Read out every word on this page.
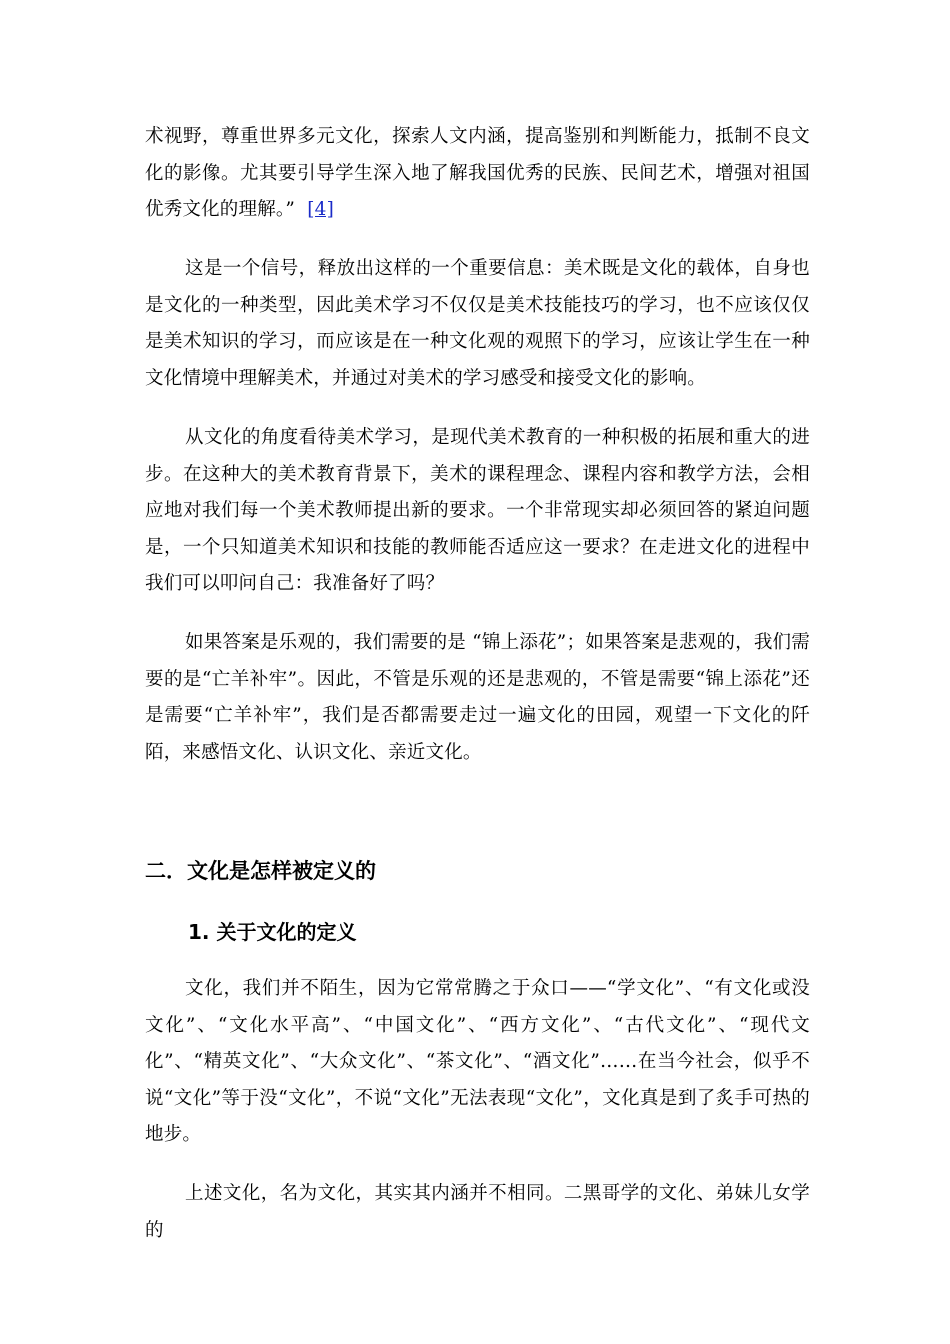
术视野，尊重世界多元文化，探索人文内涵，提高鉴别和判断能力，抵制不良文化的影像。尤其要引导学生深入地了解我国优秀的民族、民间艺术，增强对祖国优秀文化的理解。” [4]

这是一个信号，释放出这样的一个重要信息：美术既是文化的载体，自身也是文化的一种类型，因此美术学习不仅仅是美术技能技巧的学习，也不应该仅仅是美术知识的学习，而应该是在一种文化观的观照下的学习，应该让学生在一种文化情境中理解美术，并通过对美术的学习感受和接受文化的影响。

从文化的角度看待美术学习，是现代美术教育的一种积极的拓展和重大的进步。在这种大的美术教育背景下，美术的课程理念、课程内容和教学方法，会相应地对我们每一个美术教师提出新的要求。一个非常现实却必须回答的紧迫问题是，一个只知道美术知识和技能的教师能否适应这一要求？在走进文化的进程中我们可以叩问自己：我准备好了吗？

如果答案是乐观的，我们需要的是 “锦上添花”；如果答案是悲观的，我们需要的是“亡羊补牢”。因此，不管是乐观的还是悲观的，不管是需要“锦上添花”还是需要“亡羊补牢”，我们是否都需要走过一遍文化的田园，观望一下文化的阡陌，来感悟文化、认识文化、亲近文化。

二．文化是怎样被定义的
1. 关于文化的定义

文化，我们并不陌生，因为它常常腾之于众口——“学文化”、“有文化或没文化”、“文化水平高”、“中国文化”、“西方文化”、“古代文化”、“现代文化”、“精英文化”、“大众文化”、“茶文化”、“酒文化”……在当今社会，似乎不说“文化”等于没“文化”，不说“文化”无法表现“文化”，文化真是到了炙手可热的地步。

上述文化，名为文化，其实其内涵并不相同。二黑哥学的文化、弟妹儿女学的
